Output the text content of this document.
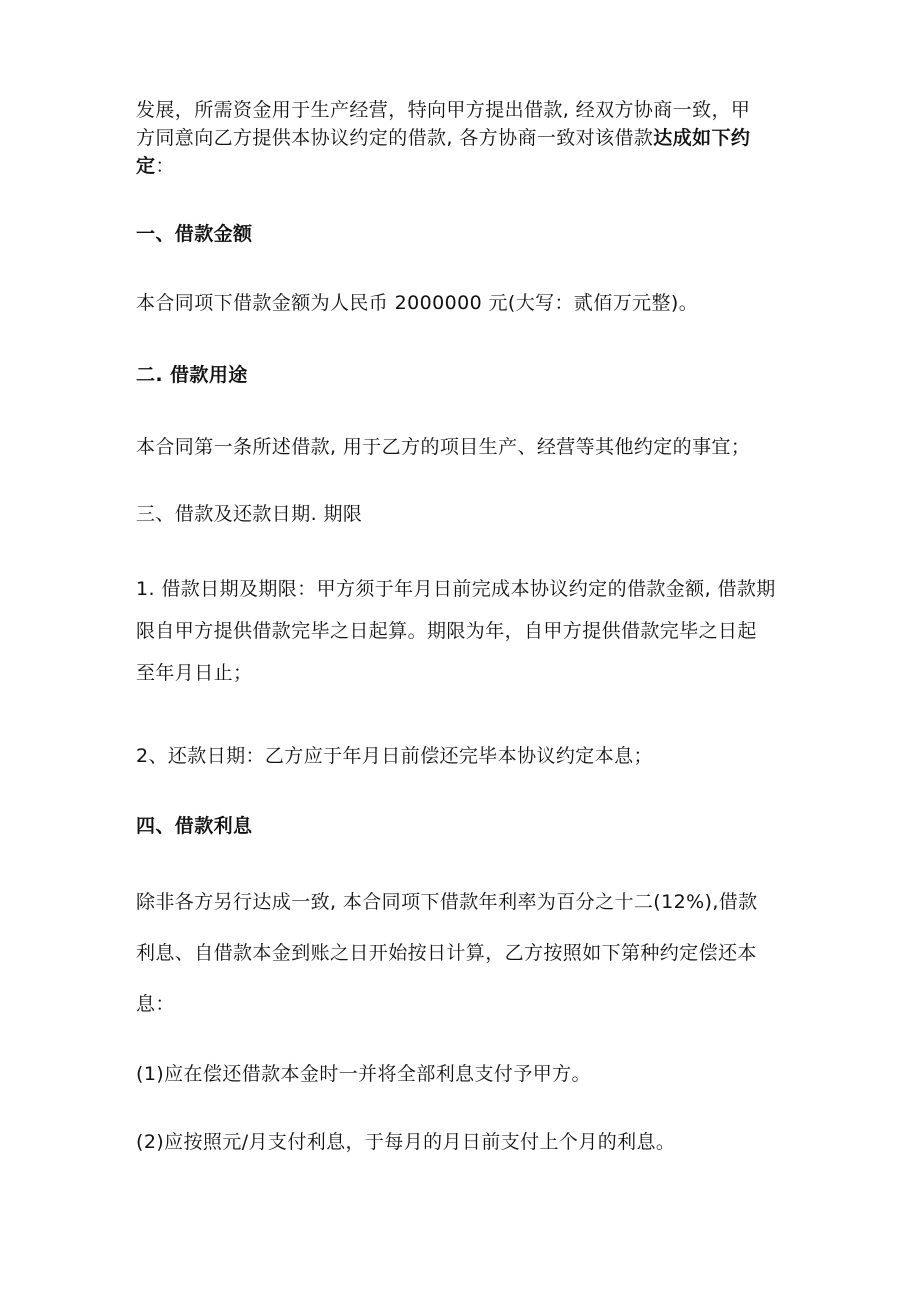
发展，所需资金用于生产经营，特向甲方提出借款, 经双方协商一致，甲
方同意向乙方提供本协议约定的借款, 各方协商一致对该借款达成如下约
定：
一、借款金额

本合同项下借款金额为人民币 2000000 元(大写：贰佰万元整)。

二. 借款用途

本合同第一条所述借款, 用于乙方的项目生产、经营等其他约定的事宜；

三、借款及还款日期. 期限

1. 借款日期及期限：甲方须于年月日前完成本协议约定的借款金额, 借款期
限自甲方提供借款完毕之日起算。期限为年，自甲方提供借款完毕之日起
至年月日止；

2、还款日期：乙方应于年月日前偿还完毕本协议约定本息；

四、借款利息
除非各方另行达成一致, 本合同项下借款年利率为百分之十二(12%),借款
利息、自借款本金到账之日开始按日计算，乙方按照如下第种约定偿还本
息：

(1)应在偿还借款本金时一并将全部利息支付予甲方。

(2)应按照元/月支付利息，于每月的月日前支付上个月的利息。
